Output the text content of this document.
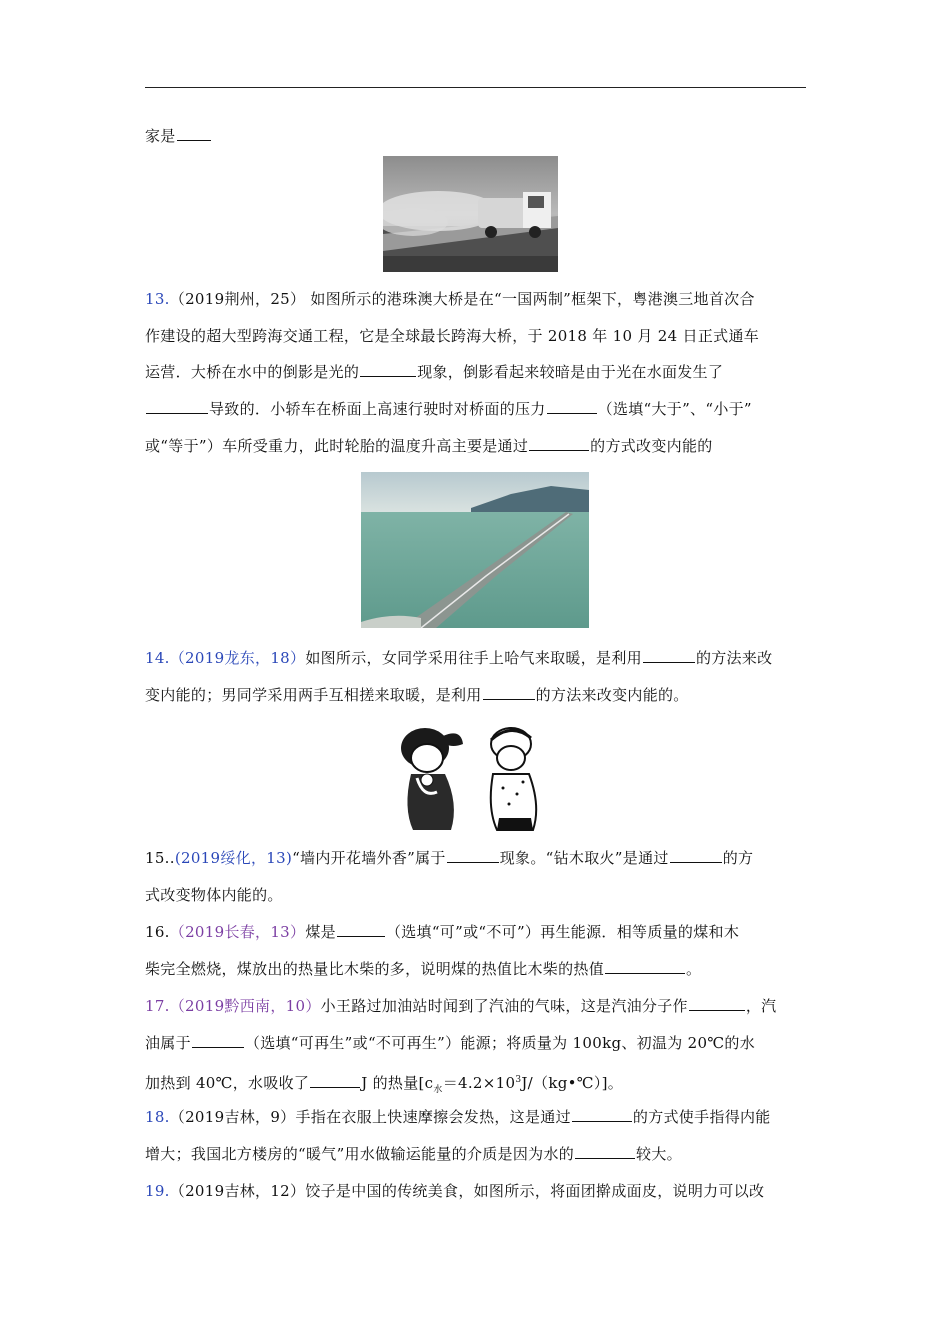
家是
13.（2019荆州，25） 如图所示的港珠澳大桥是在“一国两制”框架下，粤港澳三地首次合
作建设的超大型跨海交通工程，它是全球最长跨海大桥，于 2018 年 10 月 24 日正式通车
运营．大桥在水中的倒影是光的	现象，倒影看起来较暗是由于光在水面发生了
导致的．小轿车在桥面上高速行驶时对桥面的压力	（选填“大于”、“小于”
或“等于”）车所受重力，此时轮胎的温度升高主要是通过	的方式改变内能的
14.（2019龙东，18）如图所示，女同学采用往手上哈气来取暖，是利用	的方法来改
变内能的；男同学采用两手互相搓来取暖，是利用	的方法来改变内能的。
15..(2019绥化，13)“墙内开花墙外香”属于	现象。“钻木取火”是通过	的方
式改变物体内能的。
16.（2019长春，13）煤是	（选填“可”或“不可”）再生能源．相等质量的煤和木
柴完全燃烧，煤放出的热量比木柴的多，说明煤的热值比木柴的热值	。
17.（2019黔西南，10）小王路过加油站时闻到了汽油的气味，这是汽油分子作	，汽
油属于	（选填“可再生”或“不可再生”）能源；将质量为 100kg、初温为 20℃的水
加热到 40℃，水吸收了	J 的热量$[c_水=4.2\times 10^3J/(kg•℃)]$。
18.（2019吉林，9）手指在衣服上快速摩擦会发热，这是通过	的方式使手指得内能
增大；我国北方楼房的“暖气”用水做输运能量的介质是因为水的	较大。
19.（2019吉林，12）饺子是中国的传统美食，如图所示，将面团擀成面皮，说明力可以改
